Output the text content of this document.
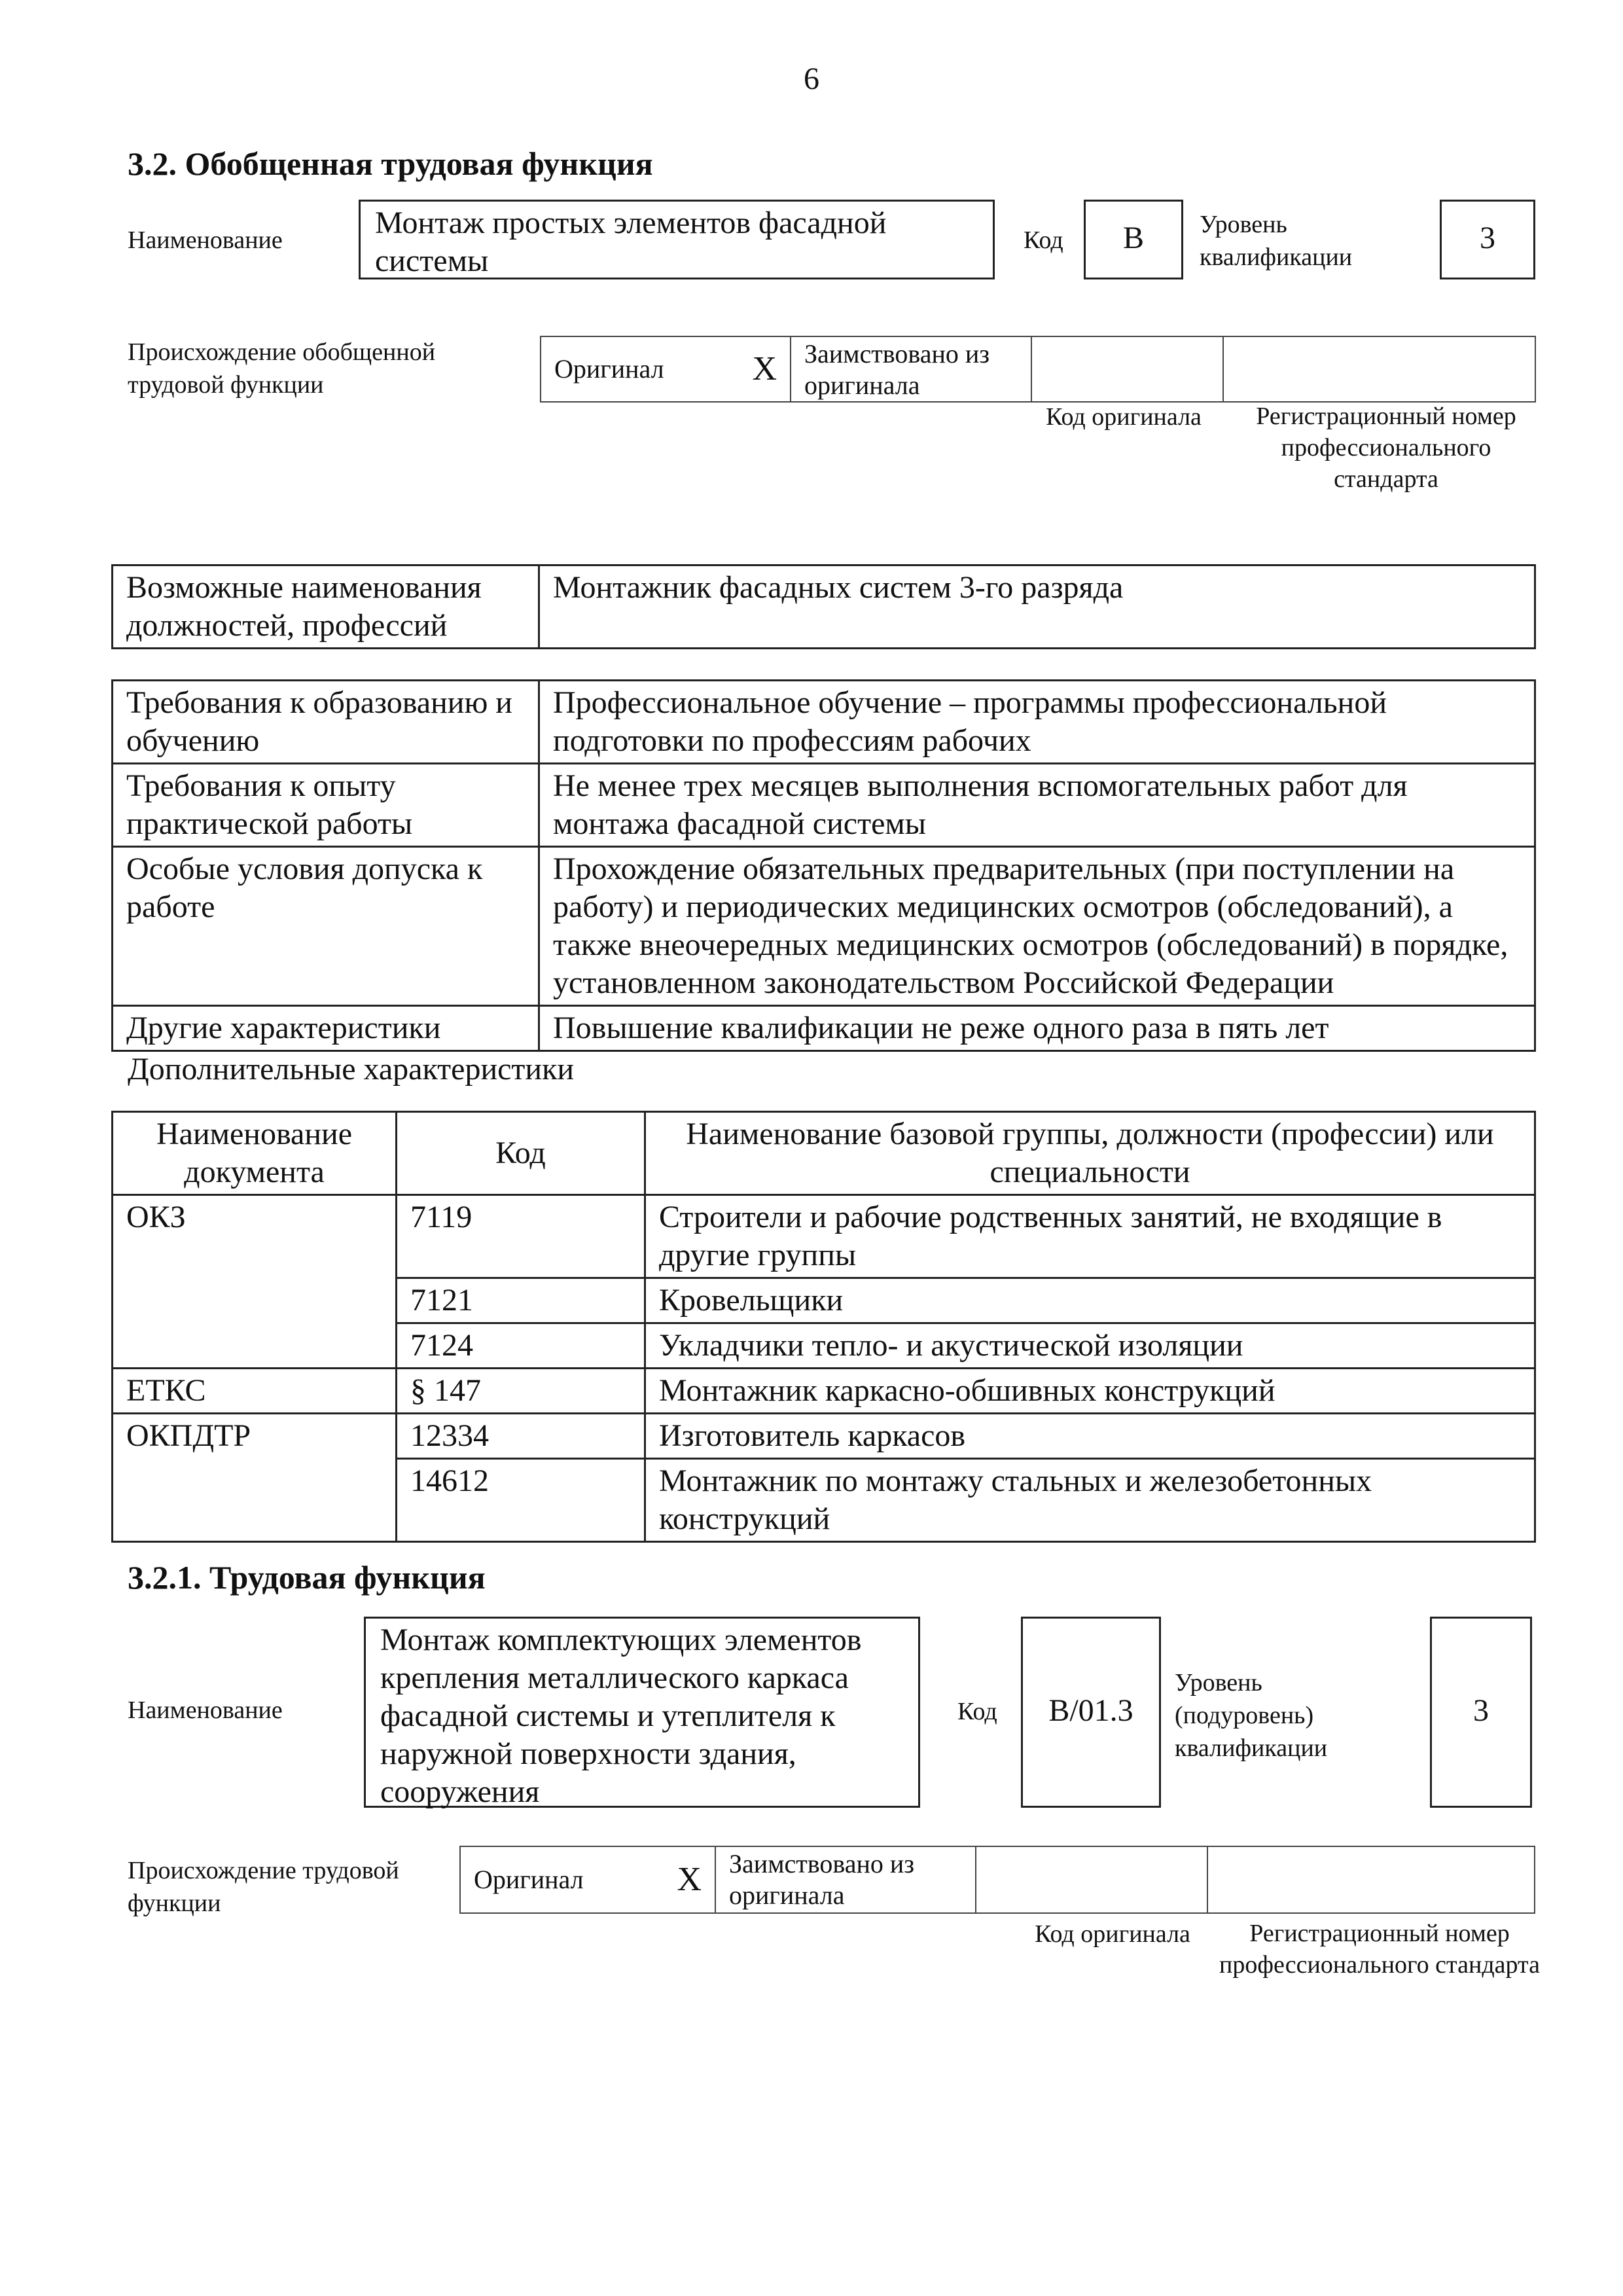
6
3.2. Обобщенная трудовая функция
Наименование	Монтаж простых элементов фасадной системы
Код	B	Уровень квалификации
3
Происхождение обобщенной трудовой функции
Оригинал	X	Заимствовано из оригинала		
Код оригинала	Регистрационный номер профессионального стандарта
Возможные наименования должностей, профессий	Монтажник фасадных систем 3-го разряда
Требования к образованию и обучению	Профессиональное обучение – программы профессиональной подготовки по профессиям рабочих
Требования к опыту практической работы	Не менее трех месяцев выполнения вспомогательных работ для монтажа фасадной системы
Особые условия допуска к работе	Прохождение обязательных предварительных (при поступлении на работу) и периодических медицинских осмотров (обследований), а также внеочередных медицинских осмотров (обследований) в порядке, установленном законодательством Российской Федерации
Другие характеристики	Повышение квалификации не реже одного раза в пять лет
Дополнительные характеристики
Наименование документа	Код	Наименование базовой группы, должности (профессии) или специальности
ОКЗ	7119	Строители и рабочие родственных занятий, не входящие в другие группы
	7121	Кровельщики
	7124	Укладчики тепло- и акустической изоляции
ЕТКС	§ 147	Монтажник каркасно-обшивных конструкций
ОКПДТР	12334	Изготовитель каркасов
	14612	Монтажник по монтажу стальных и железобетонных конструкций
3.2.1. Трудовая функция
Наименование
Монтаж комплектующих элементов крепления металлического каркаса фасадной системы и утеплителя к наружной поверхности здания, сооружения
Код	B/01.3
Уровень (подуровень) квалификации
3
Происхождение трудовой функции
Оригинал	X	Заимствовано из оригинала		
Код оригинала	Регистрационный номер профессионального стандарта
